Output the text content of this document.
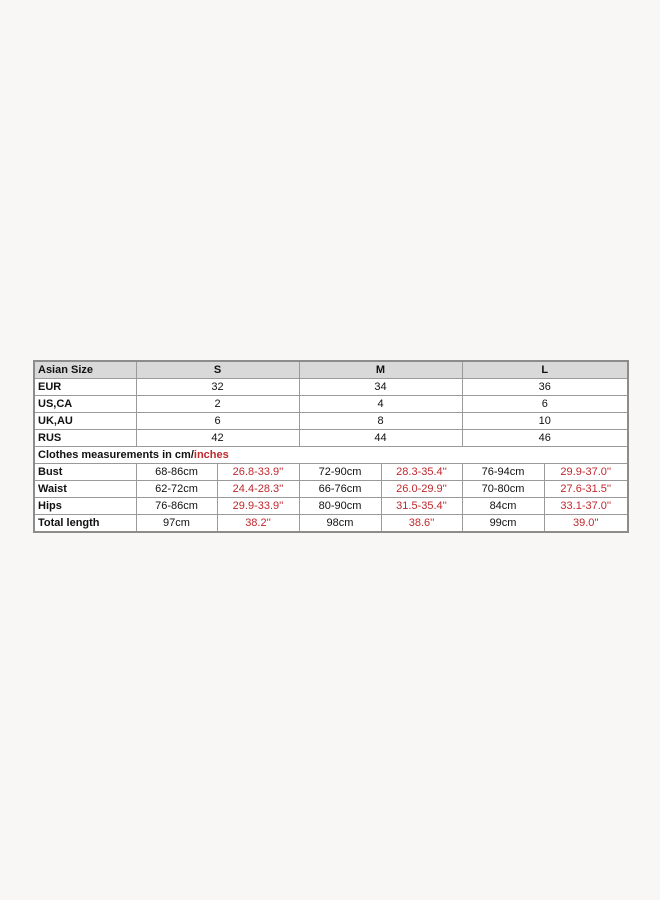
Asian Size	S		M		L	
EUR	32		34		36	
US,CA	2		4		6	
UK,AU	6		8		10	
RUS	42		44		46	
Clothes measurements in cm/inches						
Bust	68-86cm	26.8-33.9''	72-90cm	28.3-35.4''	76-94cm	29.9-37.0''
Waist	62-72cm	24.4-28.3''	66-76cm	26.0-29.9''	70-80cm	27.6-31.5''
Hips	76-86cm	29.9-33.9''	80-90cm	31.5-35.4''	84cm	33.1-37.0''
Total length	97cm	38.2''	98cm	38.6''	99cm	39.0''
